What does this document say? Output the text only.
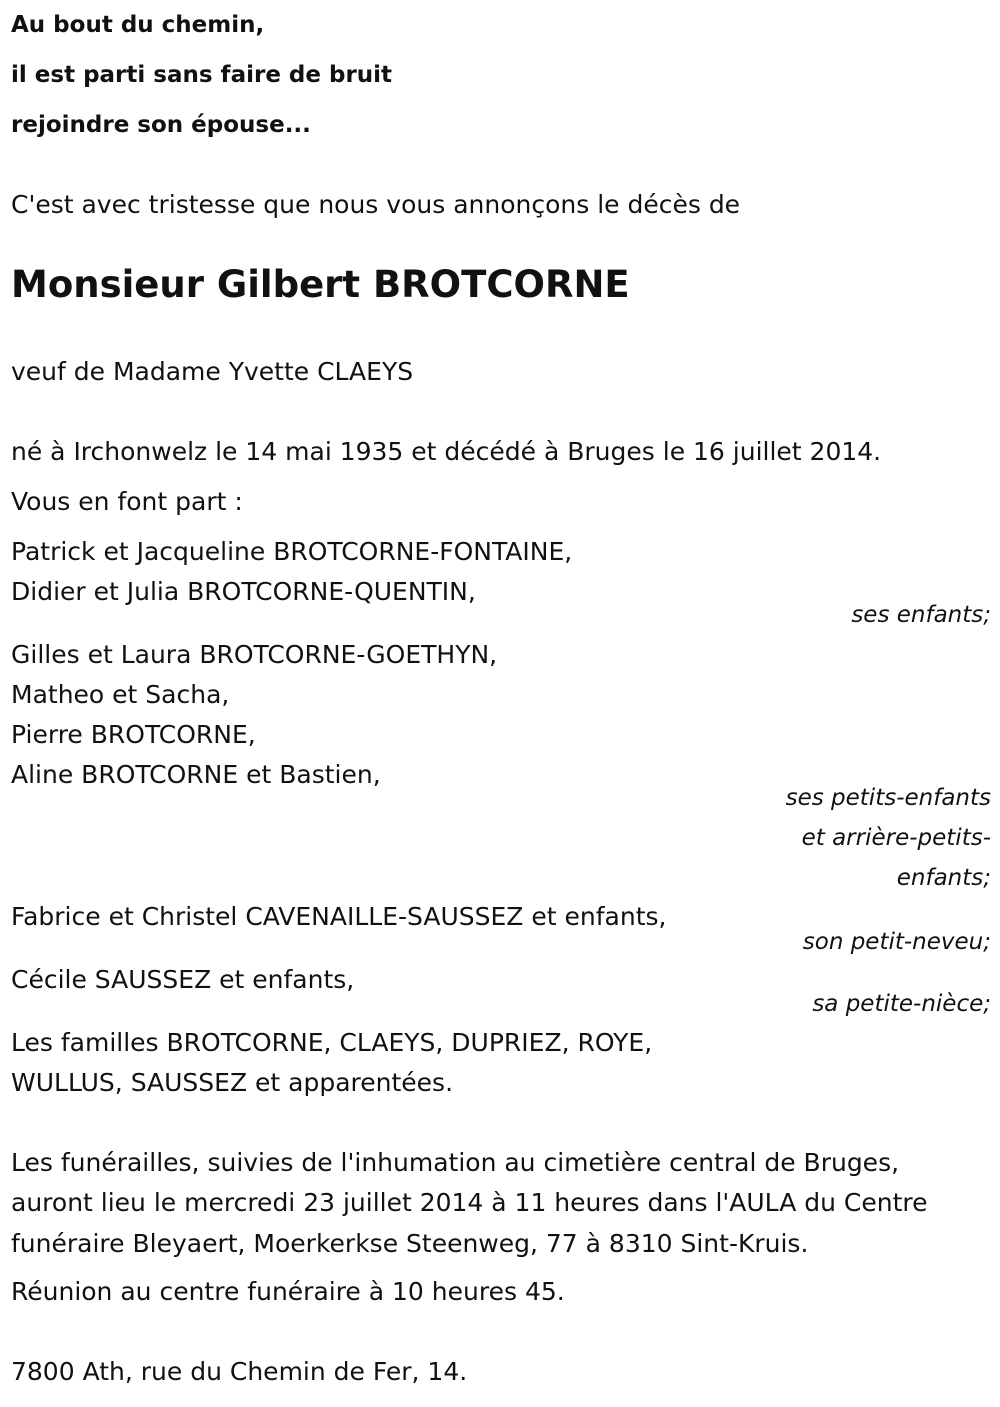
Au bout du chemin,

il est parti sans faire de bruit

rejoindre son épouse...

C'est avec tristesse que nous vous annonçons le décès de

Monsieur Gilbert BROTCORNE

veuf de Madame Yvette CLAEYS

né à Irchonwelz le 14 mai 1935 et décédé à Bruges le 16 juillet 2014.

Vous en font part :

Patrick et Jacqueline BROTCORNE-FONTAINE,

Didier et Julia BROTCORNE-QUENTIN,

ses enfants;

Gilles et Laura BROTCORNE-GOETHYN,

Matheo et Sacha,

Pierre BROTCORNE,

Aline BROTCORNE et Bastien,

ses petits-enfants

et arrière-petits-

enfants;

Fabrice et Christel CAVENAILLE-SAUSSEZ et enfants,

son petit-neveu;

Cécile SAUSSEZ et enfants,

sa petite-nièce;

Les familles BROTCORNE, CLAEYS, DUPRIEZ, ROYE,

WULLUS, SAUSSEZ et apparentées.

Les funérailles, suivies de l'inhumation au cimetière central de Bruges,

auront lieu le mercredi 23 juillet 2014 à 11 heures dans l'AULA du Centre

funéraire Bleyaert, Moerkerkse Steenweg, 77 à 8310 Sint-Kruis.

Réunion au centre funéraire à 10 heures 45.

7800 Ath, rue du Chemin de Fer, 14.
